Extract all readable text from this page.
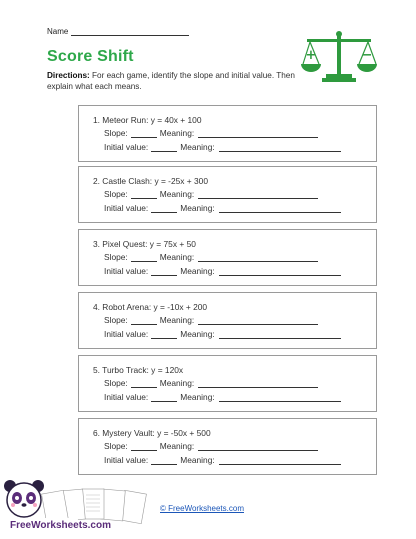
Name
Score Shift
Directions: For each game, identify the slope and initial value. Then explain what each means.
+	−
1. Meteor Run: y = 40x + 100
Slope:	Meaning:
Initial value:	Meaning:
2. Castle Clash: y = -25x + 300
Slope:	Meaning:
Initial value:	Meaning:
3. Pixel Quest: y = 75x + 50
Slope:	Meaning:
Initial value:	Meaning:
4. Robot Arena: y = -10x + 200
Slope:	Meaning:
Initial value:	Meaning:
5. Turbo Track: y = 120x
Slope:	Meaning:
Initial value:	Meaning:
6. Mystery Vault: y = -50x + 500
Slope:	Meaning:
Initial value:	Meaning:
FreeWorksheets.com
© FreeWorksheets.com
